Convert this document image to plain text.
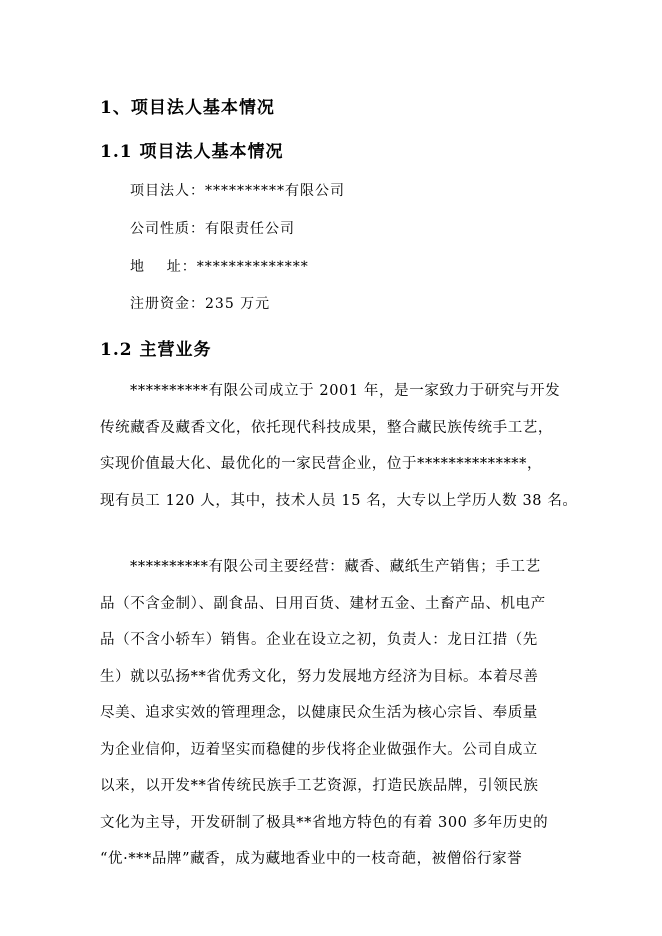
1、项目法人基本情况
1.1 项目法人基本情况
项目法人：**********有限公司
公司性质：有限责任公司
地    址：**************
注册资金：235 万元
1.2 主营业务
**********有限公司成立于 2001 年，是一家致力于研究与开发
传统藏香及藏香文化，依托现代科技成果，整合藏民族传统手工艺，
实现价值最大化、最优化的一家民营企业，位于**************，
现有员工 120 人，其中，技术人员 15 名，大专以上学历人数 38 名。
**********有限公司主要经营：藏香、藏纸生产销售；手工艺
品（不含金制）、副食品、日用百货、建材五金、土畜产品、机电产
品（不含小轿车）销售。企业在设立之初，负责人：龙日江措（先
生）就以弘扬**省优秀文化，努力发展地方经济为目标。本着尽善
尽美、追求实效的管理理念，以健康民众生活为核心宗旨、奉质量
为企业信仰，迈着坚实而稳健的步伐将企业做强作大。公司自成立
以来，以开发**省传统民族手工艺资源，打造民族品牌，引领民族
文化为主导，开发研制了极具**省地方特色的有着 300 多年历史的
“优·***品牌”藏香，成为藏地香业中的一枝奇葩，被僧俗行家誉
